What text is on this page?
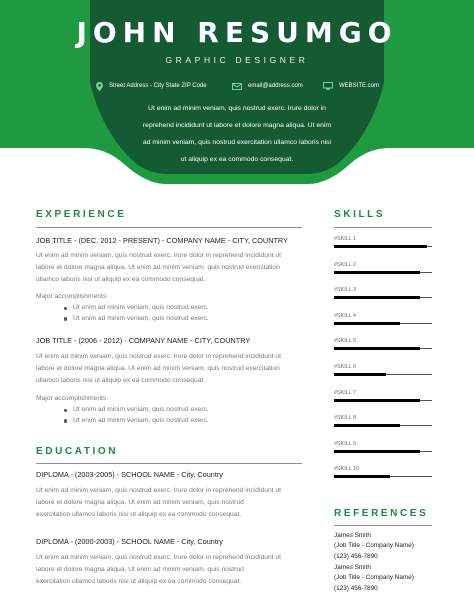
JOHN RESUMGO
GRAPHIC DESIGNER
Street Address - City State ZIP Code	email@address.com	WEBSITE.com
Ut enim ad minim veniam, quis nostrud exerc. Irure dolor in
reprehend incididunt ut labore et dolore magna aliqua. Ut enim
ad minim veniam, quis nostrud exercitation ullamco laboris nisi
ut aliquip ex ea commodo consequat.
EXPERIENCE
JOB TITLE - (DEC. 2012 - PRESENT) - COMPANY NAME - CITY, COUNTRY
Ut enim ad minim veniam, quis nostrud exerc. Irure dolor in reprehend incididunt ut
labore et dolore magna aliqua. Ut enim ad minim veniam, quis nostrud exercitation
ullamco laboris nisi ut aliquip ex ea commodo consequat.
Major accomplishments:
Ut enim ad minim veniam, quis nostrud exerc.
Ut enim ad minim veniam, quis nostrud exerc.
JOB TITLE - (2006 - 2012) - COMPANY NAME - CITY, COUNTRY
Ut enim ad minim veniam, quis nostrud exerc. Irure dolor in reprehend incididunt ut
labore et dolore magna aliqua. Ut enim ad minim veniam, quis nostrud exercitation
ullamco laboris nisi ut aliquip ex ea commodo consequat.
Major accomplishments:
Ut enim ad minim veniam, quis nostrud exerc.
Ut enim ad minim veniam, quis nostrud exerc.
EDUCATION
DIPLOMA - (2003-2005) - SCHOOL NAME - City, Country
Ut enim ad minim veniam, quis nostrud exerc. Irure dolor in reprehend incididunt ut
labore et dolore magna aliqua. Ut enim ad minim veniam, quis nostrud
exercitation ullamco laboris nisi ut aliquip ex ea commodo consequat.
DIPLOMA - (2000-2003) - SCHOOL NAME - City, Country
Ut enim ad minim veniam, quis nostrud exerc. Irure dolor in reprehend incididunt ut
labore et dolore magna aliqua. Ut enim ad minim veniam, quis nostrud
exercitation ullamco laboris nisi ut aliquip ex ea commodo consequat.
SKILLS
#SKILL 1
#SKILL 2
#SKILL 3
#SKILL 4
#SKILL 5
#SKILL 6
#SKILL 7
#SKILL 8
#SKILL 9
#SKILL 10
REFERENCES
James Smith
(Job Title - Company Name)
(123) 456-7890
James Smith
(Job Title - Company Name)
(123) 456-7890
